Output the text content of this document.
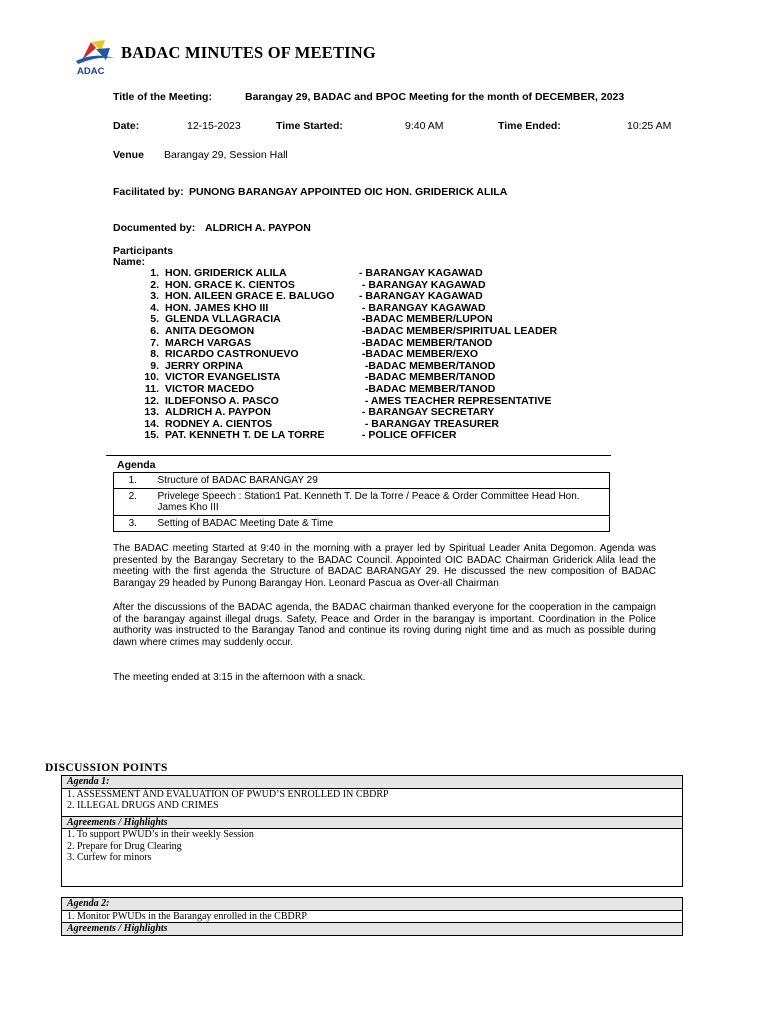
ADAC
BADAC MINUTES OF MEETING
Title of the Meeting:	Barangay 29, BADAC and BPOC Meeting for the month of DECEMBER, 2023
Date:	12-15-2023	Time Started:	9:40 AM	Time Ended:	10:25 AM
Venue Barangay 29, Session Hall
Facilitated by: PUNONG BARANGAY APPOINTED OIC HON. GRIDERICK ALILA
Documented by: ALDRICH A. PAYPON
Participants
Name:
1. HON. GRIDERICK ALILA	- BARANGAY KAGAWAD
2. HON. GRACE K. CIENTOS	- BARANGAY KAGAWAD
3. HON. AILEEN GRACE E. BALUGO - BARANGAY KAGAWAD
4. HON. JAMES KHO III	- BARANGAY KAGAWAD
5. GLENDA VLLAGRACIA	-BADAC MEMBER/LUPON
6. ANITA DEGOMON	-BADAC MEMBER/SPIRITUAL LEADER
7. MARCH VARGAS	-BADAC MEMBER/TANOD
8. RICARDO CASTRONUEVO	-BADAC MEMBER/EXO
9. JERRY ORPINA	-BADAC MEMBER/TANOD
10. VICTOR EVANGELISTA	-BADAC MEMBER/TANOD
11. VICTOR MACEDO	-BADAC MEMBER/TANOD
12. ILDEFONSO A. PASCO	- AMES TEACHER REPRESENTATIVE
13. ALDRICH A. PAYPON	- BARANGAY SECRETARY
14. RODNEY A. CIENTOS	- BARANGAY TREASURER
15. PAT. KENNETH T. DE LA TORRE	- POLICE OFFICER
Agenda
1.	Structure of BADAC BARANGAY 29
2.	Privelege Speech : Station1 Pat. Kenneth T. De la Torre / Peace & Order Committee Head Hon. James Kho III
3.	Setting of BADAC Meeting Date & Time
The BADAC meeting Started at 9:40 in the morning with a prayer led by Spiritual Leader Anita Degomon. Agenda was presented by the Barangay Secretary to the BADAC Council. Appointed OIC BADAC Chairman Griderick Alila lead the meeting with the first agenda the Structure of BADAC BARANGAY 29. He discussed the new composition of BADAC Barangay 29 headed by Punong Barangay Hon. Leonard Pascua as Over-all Chairman
After the discussions of the BADAC agenda, the BADAC chairman thanked everyone for the cooperation in the campaign of the barangay against illegal drugs. Safety, Peace and Order in the barangay is important. Coordination in the Police authority was instructed to the Barangay Tanod and continue its roving during night time and as much as possible during dawn where crimes may suddenly occur.
The meeting ended at 3:15 in the afternoon with a snack.
DISCUSSION POINTS
Agenda 1:

1. ASSESSMENT AND EVALUATION OF PWUD’S ENROLLED IN CBDRP
2. ILLEGAL DRUGS AND CRIMES

Agreements / Highlights

1. To support PWUD’s in their weekly Session
2. Prepare for Drug Clearing
3. Curfew for minors
Agenda 2:

1. Monitor PWUDs in the Barangay enrolled in the CBDRP

Agreements / Highlights
